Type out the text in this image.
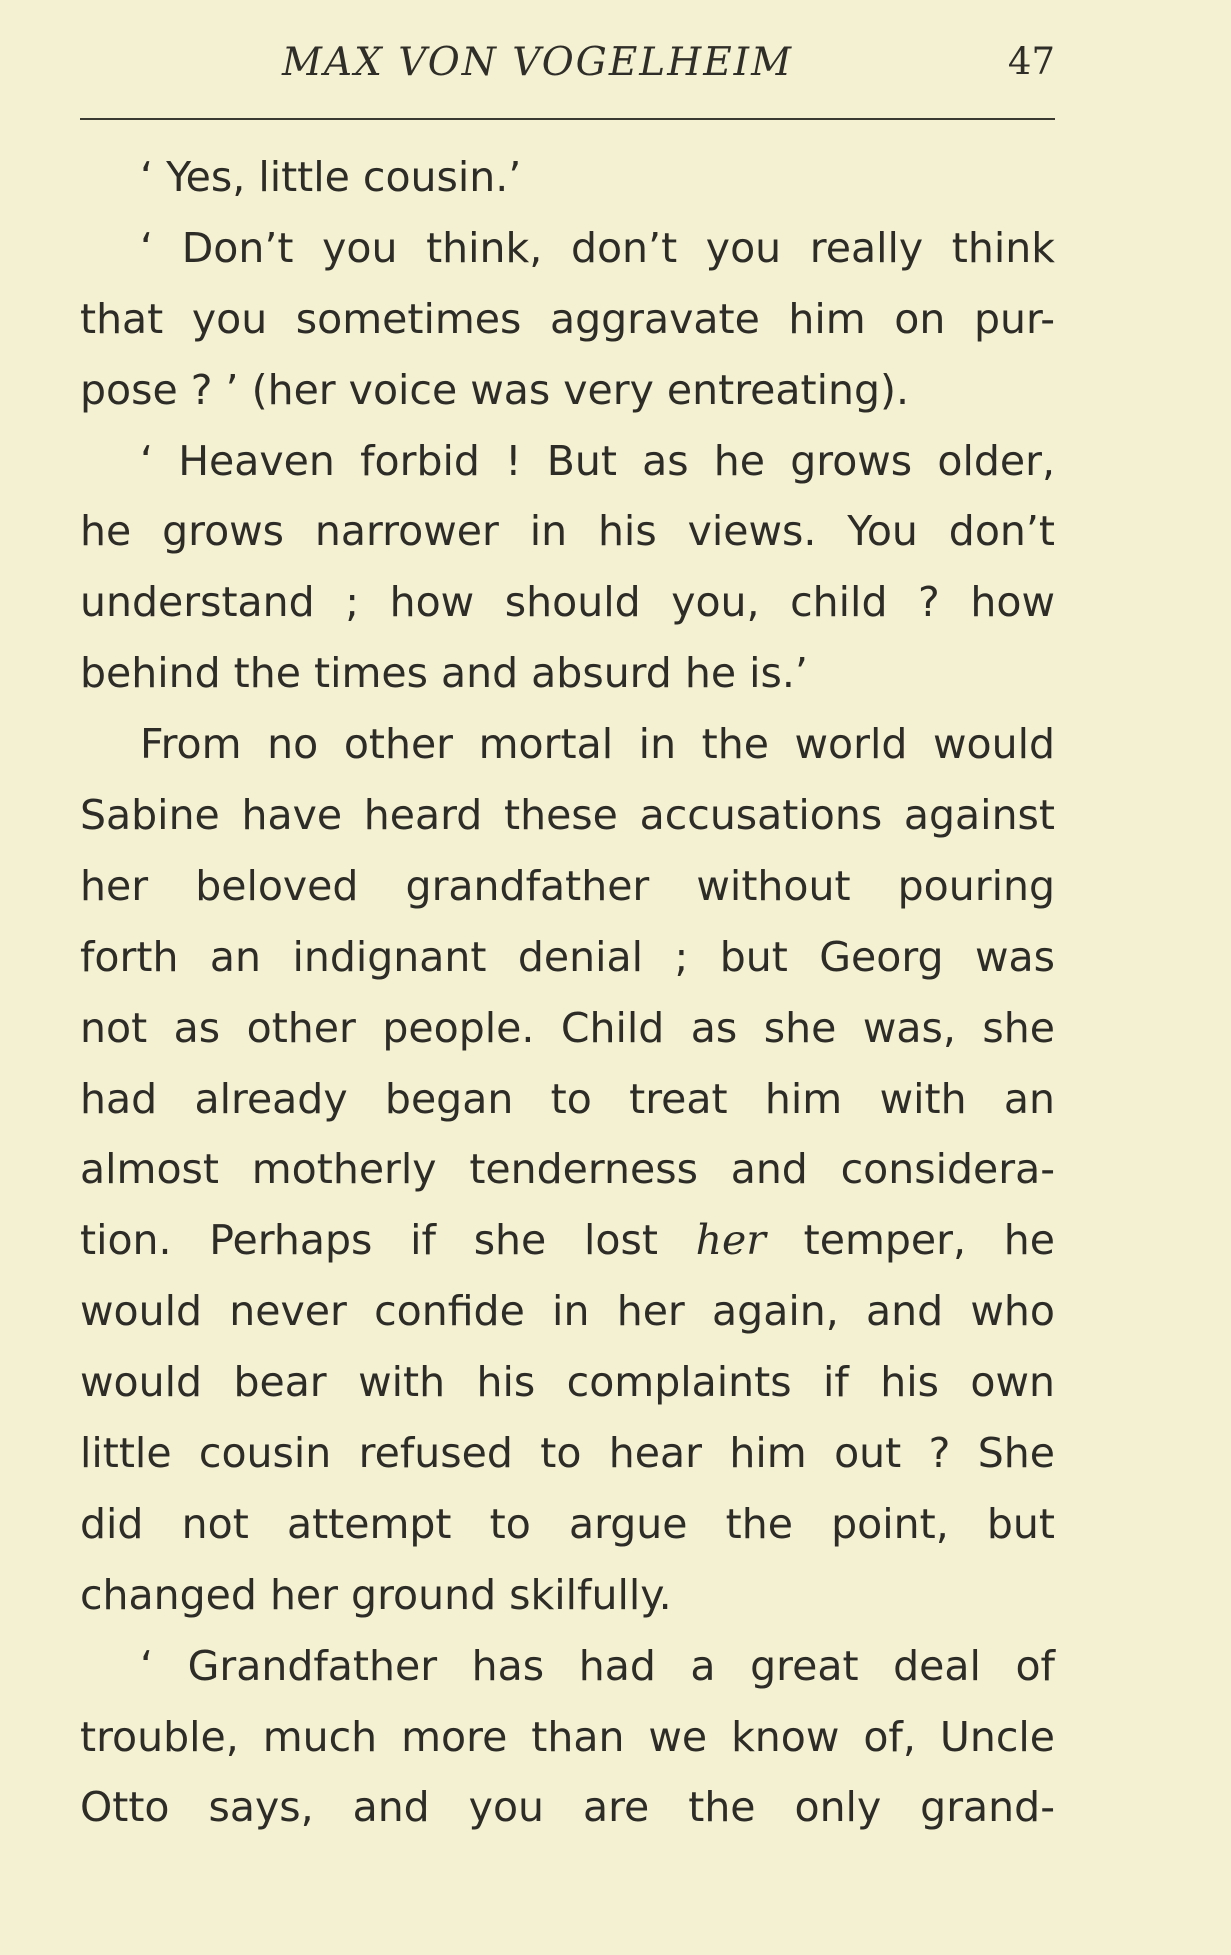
MAX VON VOGELHEIM	47
‘ Yes, little cousin.’
‘ Don’t you think, don’t you really think
that you sometimes aggravate him on pur-
pose ? ’ (her voice was very entreating).
‘ Heaven forbid ! But as he grows older,
he grows narrower in his views. You don’t
understand ; how should you, child ? how
behind the times and absurd he is.’
From no other mortal in the world would
Sabine have heard these accusations against
her beloved grandfather without pouring
forth an indignant denial ; but Georg was
not as other people. Child as she was, she
had already began to treat him with an
almost motherly tenderness and considera-
tion. Perhaps if she lost her temper, he
would never confide in her again, and who
would bear with his complaints if his own
little cousin refused to hear him out ? She
did not attempt to argue the point, but
changed her ground skilfully.
‘ Grandfather has had a great deal of
trouble, much more than we know of, Uncle
Otto says, and you are the only grand-
